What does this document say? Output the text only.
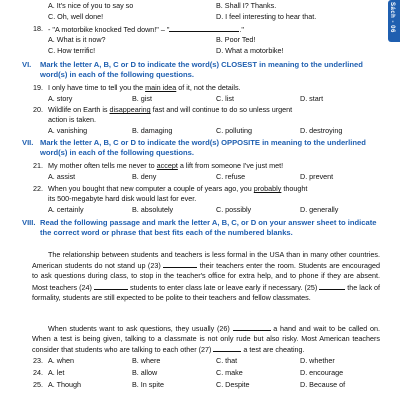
Sách - 06
A. It's nice of you to say so	B. Shall I? Thanks.
C. Oh, well done!	D. I feel interesting to hear that.
18. - "A motorbike knocked Ted down!" – "	."
A. What is it now?	B. Poor Ted!
C. How terrific!	D. What a motorbike!
VI. Mark the letter A, B, C or D to indicate the word(s) CLOSEST in meaning to the underlined word(s) in each of the following questions.
19. I only have time to tell you the main idea of it, not the details.
A. story	B. gist	C. list	D. start
20. Wildlife on Earth is disappearing fast and will continue to do so unless urgent
action is taken.
A. vanishing	B. damaging	C. polluting	D. destroying
VII. Mark the letter A, B, C or D to indicate the word(s) OPPOSITE in meaning to the underlined word(s) in each of the following questions.
21. My mother often tells me never to accept a lift from someone I've just met!
A. assist	B. deny	C. refuse	D. prevent
22. When you bought that new computer a couple of years ago, you probably thought
its 500-megabyte hard disk would last for ever.
A. certainly	B. absolutely	C. possibly	D. generally
VIII. Read the following passage and mark the letter A, B, C, or D on your answer sheet to indicate the correct word or phrase that best fits each of the numbered blanks.
The relationship between students and teachers is less formal in the USA than in many other countries. American students do not stand up (23)	their teachers enter the room. Students are encouraged to ask questions during class, to stop in the teacher's office for extra help, and to phone if they are absent. Most teachers (24)	students to enter class late or leave early if necessary. (25)	the lack of formality, students are still expected to be polite to their teachers and fellow classmates.
When students want to ask questions, they usually (26)	a hand and wait to be called on. When a test is being given, talking to a classmate is not only rude but also risky. Most American teachers consider that students who are talking to each other (27)	a test are cheating.
23. A. when	B. where	C. that	D. whether
24. A. let	B. allow	C. make	D. encourage
25. A. Though	B. In spite	C. Despite	D. Because of
